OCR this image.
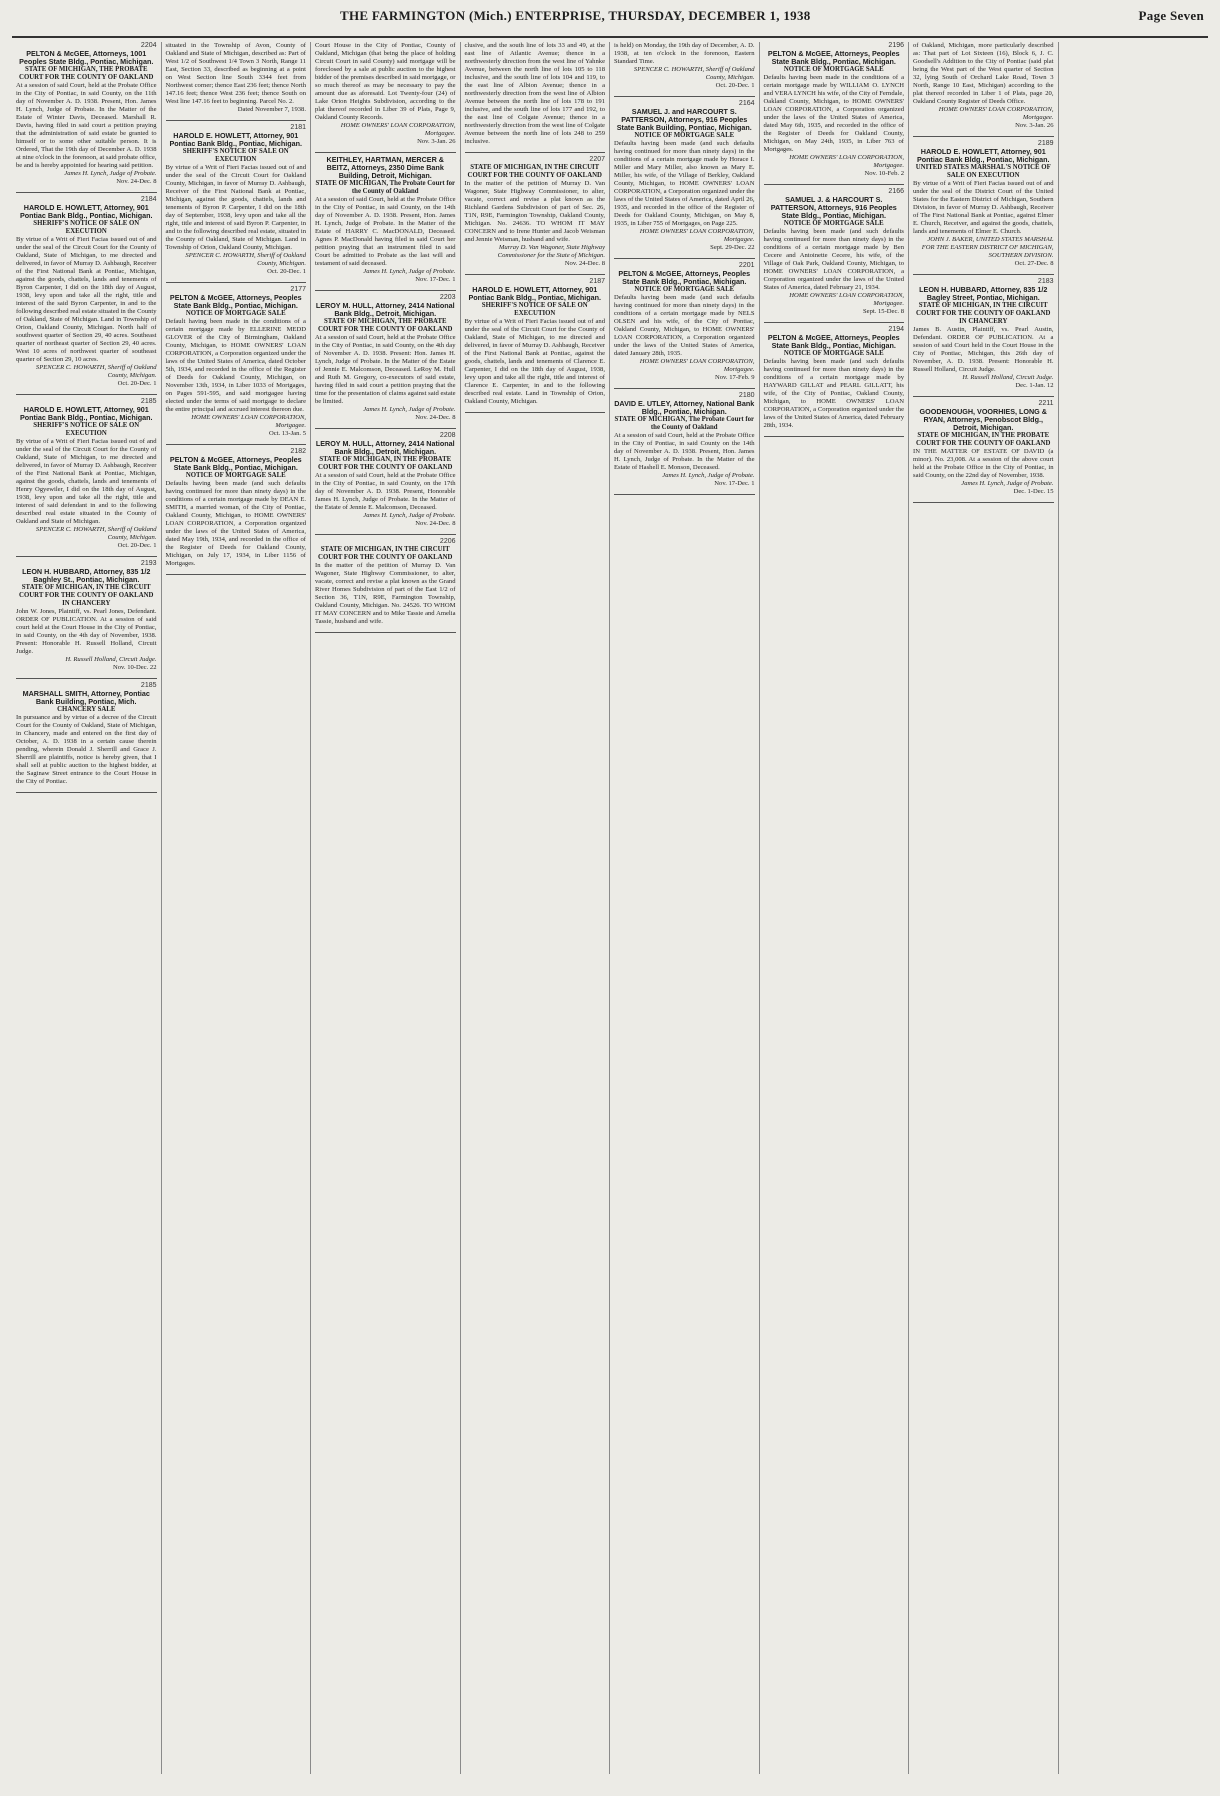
THE FARMINGTON (Mich.) ENTERPRISE, THURSDAY, DECEMBER 1, 1938	Page Seven
2204
PELTON & McGEE, Attorneys, 1001 Peoples State Bldg., Pontiac, Michigan.
STATE OF MICHIGAN, THE PROBATE COURT FOR THE COUNTY OF OAKLAND
At a session of said Court, held at the Probate Office in the City of Pontiac, in said County, on the 11th day of November A. D. 1938. Present, Hon. James H. Lynch, Judge of Probate. In the Matter of the Estate of Winter Davis, Deceased. Marshall R. Davis, having filed in said court a petition praying that the administration of said estate be granted to himself or to some other suitable person. It is Ordered, That the 19th day of December A. D. 1938 at nine o'clock in the forenoon, at said probate office, be and is hereby appointed for hearing said petition.
James H. Lynch, Judge of Probate.
Nov. 24-Dec. 8
2184
HAROLD E. HOWLETT, Attorney, 901 Pontiac Bank Bldg., Pontiac, Michigan.
SHERIFF'S NOTICE OF SALE ON EXECUTION
By virtue of a Writ of Fieri Facias issued out of and under the seal of the Circuit Court for the County of Oakland, State of Michigan, to me directed and delivered, in favor of Murray D. Ashbaugh, Receiver of the First National Bank at Pontiac, Michigan, against the goods, chattels, lands and tenements of Byron Carpenter, I did on the 18th day of August, 1938, levy upon and take all the right, title and interest of the said Byron Carpenter, in and to the following described real estate situated in the County of Oakland, State of Michigan. Land in Township of Orion, Oakland County, Michigan. North half of southwest quarter of Section 29, 40 acres. Southeast quarter of northeast quarter of Section 29, 40 acres. West 10 acres of northwest quarter of southeast quarter of Section 29, 10 acres.
SPENCER C. HOWARTH, Sheriff of Oakland County, Michigan.
Oct. 20-Dec. 1
2185
HAROLD E. HOWLETT, Attorney, 901 Pontiac Bank Bldg., Pontiac, Michigan.
SHERIFF'S NOTICE OF SALE ON EXECUTION
By virtue of a Writ of Fieri Facias issued out of and under the seal of the Circuit Court for the County of Oakland, State of Michigan, to me directed and delivered, in favor of Murray D. Ashbaugh, Receiver of the First National Bank at Pontiac, Michigan, against the goods, chattels, lands and tenements of Henry Ogyewiler, I did on the 18th day of August, 1938, levy upon and take all the right, title and interest of said defendant in and to the following described real estate situated in the County of Oakland and State of Michigan.
SPENCER C. HOWARTH, Sheriff of Oakland County, Michigan.
Oct. 20-Dec. 1
2193
LEON H. HUBBARD, Attorney, 835 1/2 Baghley St., Pontiac, Michigan.
STATE OF MICHIGAN, IN THE CIRCUIT COURT FOR THE COUNTY OF OAKLAND IN CHANCERY
John W. Jones, Plaintiff, vs. Pearl Jones, Defendant. ORDER OF PUBLICATION. At a session of said court held at the Court House in the City of Pontiac, in said County, on the 4th day of November, 1938. Present: Honorable H. Russell Holland, Circuit Judge.
H. Russell Holland, Circuit Judge.
Nov. 10-Dec. 22
2185
MARSHALL SMITH, Attorney, Pontiac Bank Building, Pontiac, Mich.
CHANCERY SALE
In pursuance and by virtue of a decree of the Circuit Court for the County of Oakland, State of Michigan, in Chancery, made and entered on the first day of October, A. D. 1938 in a certain cause therein pending, wherein Donald J. Sherrill and Grace J. Sherrill are plaintiffs, notice is hereby given, that I shall sell at public auction to the highest bidder, at the Saginaw Street entrance to the Court House in the City of Pontiac.
situated in the Township of Avon, County of Oakland and State of Michigan, described as: Part of West 1/2 of Southwest 1/4 Town 3 North, Range 11 East, Section 33, described as beginning at a point on West Section line South 3344 feet from Northwest corner; thence East 236 feet; thence North 147.16 feet; thence West 236 feet; thence South on West line 147.16 feet to beginning. Parcel No. 2.
Dated November 7, 1938.
2181
HAROLD E. HOWLETT, Attorney, 901 Pontiac Bank Bldg., Pontiac, Michigan.
SHERIFF'S NOTICE OF SALE ON EXECUTION
By virtue of a Writ of Fieri Facias issued out of and under the seal of the Circuit Court for Oakland County, Michigan, in favor of Murray D. Ashbaugh, Receiver of the First National Bank at Pontiac, Michigan, against the goods, chattels, lands and tenements of Byron P. Carpenter, I did on the 18th day of September, 1938, levy upon and take all the right, title and interest of said Byron P. Carpenter, in and to the following described real estate, situated in the County of Oakland, State of Michigan. Land in Township of Orion, Oakland County, Michigan.
SPENCER C. HOWARTH, Sheriff of Oakland County, Michigan.
Oct. 20-Dec. 1
2177
PELTON & McGEE, Attorneys, Peoples State Bank Bldg., Pontiac, Michigan.
NOTICE OF MORTGAGE SALE
Default having been made in the conditions of a certain mortgage made by ELLERINE MEDD GLOVER of the City of Birmingham, Oakland County, Michigan, to HOME OWNERS' LOAN CORPORATION, a Corporation organized under the laws of the United States of America, dated October 5th, 1934, and recorded in the office of the Register of Deeds for Oakland County, Michigan, on November 13th, 1934, in Liber 1033 of Mortgages, on Pages 591-595, and said mortgagee having elected under the terms of said mortgage to declare the entire principal and accrued interest thereon due.
HOME OWNERS' LOAN CORPORATION, Mortgagee.
Oct. 13-Jan. 5
2182
PELTON & McGEE, Attorneys, Peoples State Bank Bldg., Pontiac, Michigan.
NOTICE OF MORTGAGE SALE
Defaults having been made (and such defaults having continued for more than ninety days) in the conditions of a certain mortgage made by DEAN E. SMITH, a married woman, of the City of Pontiac, Oakland County, Michigan, to HOME OWNERS' LOAN CORPORATION, a Corporation organized under the laws of the United States of America, dated May 19th, 1934, and recorded in the office of the Register of Deeds for Oakland County, Michigan, on July 17, 1934, in Liber 1156 of Mortgages.
Court House in the City of Pontiac, County of Oakland, Michigan (that being the place of holding Circuit Court in said County) said mortgage will be foreclosed by a sale at public auction to the highest bidder of the premises described in said mortgage, or so much thereof as may be necessary to pay the amount due as aforesaid. Lot Twenty-four (24) of Lake Orion Heights Subdivision, according to the plat thereof recorded in Liber 39 of Plats, Page 9, Oakland County Records.
HOME OWNERS' LOAN CORPORATION, Mortgagee.
Nov. 3-Jan. 26
KEITHLEY, HARTMAN, MERCER & BEITZ, Attorneys, 2350 Dime Bank Building, Detroit, Michigan.
STATE OF MICHIGAN, The Probate Court for the County of Oakland
At a session of said Court, held at the Probate Office in the City of Pontiac, in said County, on the 14th day of November A. D. 1938. Present, Hon. James H. Lynch, Judge of Probate. In the Matter of the Estate of HARRY C. MacDONALD, Deceased. Agnes P. MacDonald having filed in said Court her petition praying that an instrument filed in said Court be admitted to Probate as the last will and testament of said deceased.
James H. Lynch, Judge of Probate.
Nov. 17-Dec. 1
2203
LEROY M. HULL, Attorney, 2414 National Bank Bldg., Detroit, Michigan.
STATE OF MICHIGAN, THE PROBATE COURT FOR THE COUNTY OF OAKLAND
At a session of said Court, held at the Probate Office in the City of Pontiac, in said County, on the 4th day of November A. D. 1938. Present: Hon. James H. Lynch, Judge of Probate. In the Matter of the Estate of Jennie E. Malcomson, Deceased. LeRoy M. Hull and Ruth M. Gregory, co-executors of said estate, having filed in said court a petition praying that the time for the presentation of claims against said estate be limited.
James H. Lynch, Judge of Probate.
Nov. 24-Dec. 8
2208
LEROY M. HULL, Attorney, 2414 National Bank Bldg., Detroit, Michigan.
STATE OF MICHIGAN, IN THE PROBATE COURT FOR THE COUNTY OF OAKLAND
At a session of said Court, held at the Probate Office in the City of Pontiac, in said County, on the 17th day of November A. D. 1938. Present, Honorable James H. Lynch, Judge of Probate. In the Matter of the Estate of Jennie E. Malcomson, Deceased.
James H. Lynch, Judge of Probate.
Nov. 24-Dec. 8
2206
STATE OF MICHIGAN, IN THE CIRCUIT COURT FOR THE COUNTY OF OAKLAND
In the matter of the petition of Murray D. Van Wagoner, State Highway Commissioner, to alter, vacate, correct and revise a plat known as the Grand River Homes Subdivision of part of the East 1/2 of Section 36, T1N, R9E, Farmington Township, Oakland County, Michigan. No. 24526. TO WHOM IT MAY CONCERN and to Mike Tassie and Amelia Tassie, husband and wife.
clusive, and the south line of lots 33 and 49, at the east line of Atlantic Avenue; thence in a northwesterly direction from the west line of Yahnke Avenue, between the north line of lots 105 to 118 inclusive, and the south line of lots 104 and 119, to the east line of Albion Avenue; thence in a northwesterly direction from the west line of Albion Avenue between the north line of lots 178 to 191 inclusive, and the south line of lots 177 and 192, to the east line of Colgate Avenue; thence in a northwesterly direction from the west line of Colgate Avenue between the north line of lots 248 to 259 inclusive.
2207
STATE OF MICHIGAN, IN THE CIRCUIT COURT FOR THE COUNTY OF OAKLAND
In the matter of the petition of Murray D. Van Wagoner, State Highway Commissioner, to alter, vacate, correct and revise a plat known as the Richland Gardens Subdivision of part of Sec. 26, T1N, R9E, Farmington Township, Oakland County, Michigan. No. 24636. TO WHOM IT MAY CONCERN and to Irene Hunter and Jacob Weisman and Jennie Weisman, husband and wife.
Murray D. Van Wagoner, State Highway Commissioner for the State of Michigan.
Nov. 24-Dec. 8
2187
HAROLD E. HOWLETT, Attorney, 901 Pontiac Bank Bldg., Pontiac, Michigan.
SHERIFF'S NOTICE OF SALE ON EXECUTION
By virtue of a Writ of Fieri Facias issued out of and under the seal of the Circuit Court for the County of Oakland, State of Michigan, to me directed and delivered, in favor of Murray D. Ashbaugh, Receiver of the First National Bank at Pontiac, against the goods, chattels, lands and tenements of Clarence E. Carpenter, I did on the 18th day of August, 1938, levy upon and take all the right, title and interest of Clarence E. Carpenter, in and to the following described real estate. Land in Township of Orion, Oakland County, Michigan.
is held) on Monday, the 19th day of December, A. D. 1938, at ten o'clock in the forenoon, Eastern Standard Time.
SPENCER C. HOWARTH, Sheriff of Oakland County, Michigan.
Oct. 20-Dec. 1
2164
SAMUEL J. and HARCOURT S. PATTERSON, Attorneys, 916 Peoples State Bank Building, Pontiac, Michigan.
NOTICE OF MORTGAGE SALE
Defaults having been made (and such defaults having continued for more than ninety days) in the conditions of a certain mortgage made by Horace I. Miller and Mary Miller, also known as Mary E. Miller, his wife, of the Village of Berkley, Oakland County, Michigan, to HOME OWNERS' LOAN CORPORATION, a Corporation organized under the laws of the United States of America, dated April 26, 1935, and recorded in the office of the Register of Deeds for Oakland County, Michigan, on May 8, 1935, in Liber 755 of Mortgages, on Page 225.
HOME OWNERS' LOAN CORPORATION, Mortgagee.
Sept. 29-Dec. 22
2201
PELTON & McGEE, Attorneys, Peoples State Bank Bldg., Pontiac, Michigan.
NOTICE OF MORTGAGE SALE
Defaults having been made (and such defaults having continued for more than ninety days) in the conditions of a certain mortgage made by NELS OLSEN and his wife, of the City of Pontiac, Oakland County, Michigan, to HOME OWNERS' LOAN CORPORATION, a Corporation organized under the laws of the United States of America, dated January 28th, 1935.
HOME OWNERS' LOAN CORPORATION, Mortgagee.
Nov. 17-Feb. 9
2180
DAVID E. UTLEY, Attorney, National Bank Bldg., Pontiac, Michigan.
STATE OF MICHIGAN, The Probate Court for the County of Oakland
At a session of said Court, held at the Probate Office in the City of Pontiac, in said County on the 14th day of November A. D. 1938. Present, Hon. James H. Lynch, Judge of Probate. In the Matter of the Estate of Hashell E. Monson, Deceased.
James H. Lynch, Judge of Probate.
Nov. 17-Dec. 1
2196
PELTON & McGEE, Attorneys, Peoples State Bank Bldg., Pontiac, Michigan.
NOTICE OF MORTGAGE SALE
Defaults having been made in the conditions of a certain mortgage made by WILLIAM O. LYNCH and VERA LYNCH his wife, of the City of Ferndale, Oakland County, Michigan, to HOME OWNERS' LOAN CORPORATION, a Corporation organized under the laws of the United States of America, dated May 6th, 1935, and recorded in the office of the Register of Deeds for Oakland County, Michigan, on May 24th, 1935, in Liber 763 of Mortgages.
HOME OWNERS' LOAN CORPORATION, Mortgagee.
Nov. 10-Feb. 2
2166
SAMUEL J. & HARCOURT S. PATTERSON, Attorneys, 916 Peoples State Bldg., Pontiac, Michigan.
NOTICE OF MORTGAGE SALE
Defaults having been made (and such defaults having continued for more than ninety days) in the conditions of a certain mortgage made by Ben Cecere and Antoinette Cecere, his wife, of the Village of Oak Park, Oakland County, Michigan, to HOME OWNERS' LOAN CORPORATION, a Corporation organized under the laws of the United States of America, dated February 21, 1934.
HOME OWNERS' LOAN CORPORATION, Mortgagee.
Sept. 15-Dec. 8
2194
PELTON & McGEE, Attorneys, Peoples State Bank Bldg., Pontiac, Michigan.
NOTICE OF MORTGAGE SALE
Defaults having been made (and such defaults having continued for more than ninety days) in the conditions of a certain mortgage made by HAYWARD GILLAT and PEARL GILLATT, his wife, of the City of Pontiac, Oakland County, Michigan, to HOME OWNERS' LOAN CORPORATION, a Corporation organized under the laws of the United States of America, dated February 28th, 1934.
of Oakland, Michigan, more particularly described as: That part of Lot Sixteen (16), Block 6, J. C. Goodsell's Addition to the City of Pontiac (said plat being the West part of the West quarter of Section 32, lying South of Orchard Lake Road, Town 3 North, Range 10 East, Michigan) according to the plat thereof recorded in Liber 1 of Plats, page 20, Oakland County Register of Deeds Office.
HOME OWNERS' LOAN CORPORATION, Mortgagee.
Nov. 3-Jan. 26
2189
HAROLD E. HOWLETT, Attorney, 901 Pontiac Bank Bldg., Pontiac, Michigan.
UNITED STATES MARSHAL'S NOTICE OF SALE ON EXECUTION
By virtue of a Writ of Fieri Facias issued out of and under the seal of the District Court of the United States for the Eastern District of Michigan, Southern Division, in favor of Murray D. Ashbaugh, Receiver of The First National Bank at Pontiac, against Elmer E. Church, Receiver, and against the goods, chattels, lands and tenements of Elmer E. Church.
JOHN J. BAKER, UNITED STATES MARSHAL FOR THE EASTERN DISTRICT OF MICHIGAN, SOUTHERN DIVISION.
Oct. 27-Dec. 8
2183
LEON H. HUBBARD, Attorney, 835 1/2 Bagley Street, Pontiac, Michigan.
STATE OF MICHIGAN, IN THE CIRCUIT COURT FOR THE COUNTY OF OAKLAND IN CHANCERY
James B. Austin, Plaintiff, vs. Pearl Austin, Defendant. ORDER OF PUBLICATION. At a session of said Court held in the Court House in the City of Pontiac, Michigan, this 26th day of November, A. D. 1938. Present: Honorable H. Russell Holland, Circuit Judge.
H. Russell Holland, Circuit Judge.
Dec. 1-Jan. 12
2211
GOODENOUGH, VOORHIES, LONG & RYAN, Attorneys, Penobscot Bldg., Detroit, Michigan.
STATE OF MICHIGAN, IN THE PROBATE COURT FOR THE COUNTY OF OAKLAND
IN THE MATTER OF ESTATE OF DAVID (a minor). No. 23,008. At a session of the above court held at the Probate Office in the City of Pontiac, in said County, on the 22nd day of November, 1938.
James H. Lynch, Judge of Probate.
Dec. 1-Dec. 15
